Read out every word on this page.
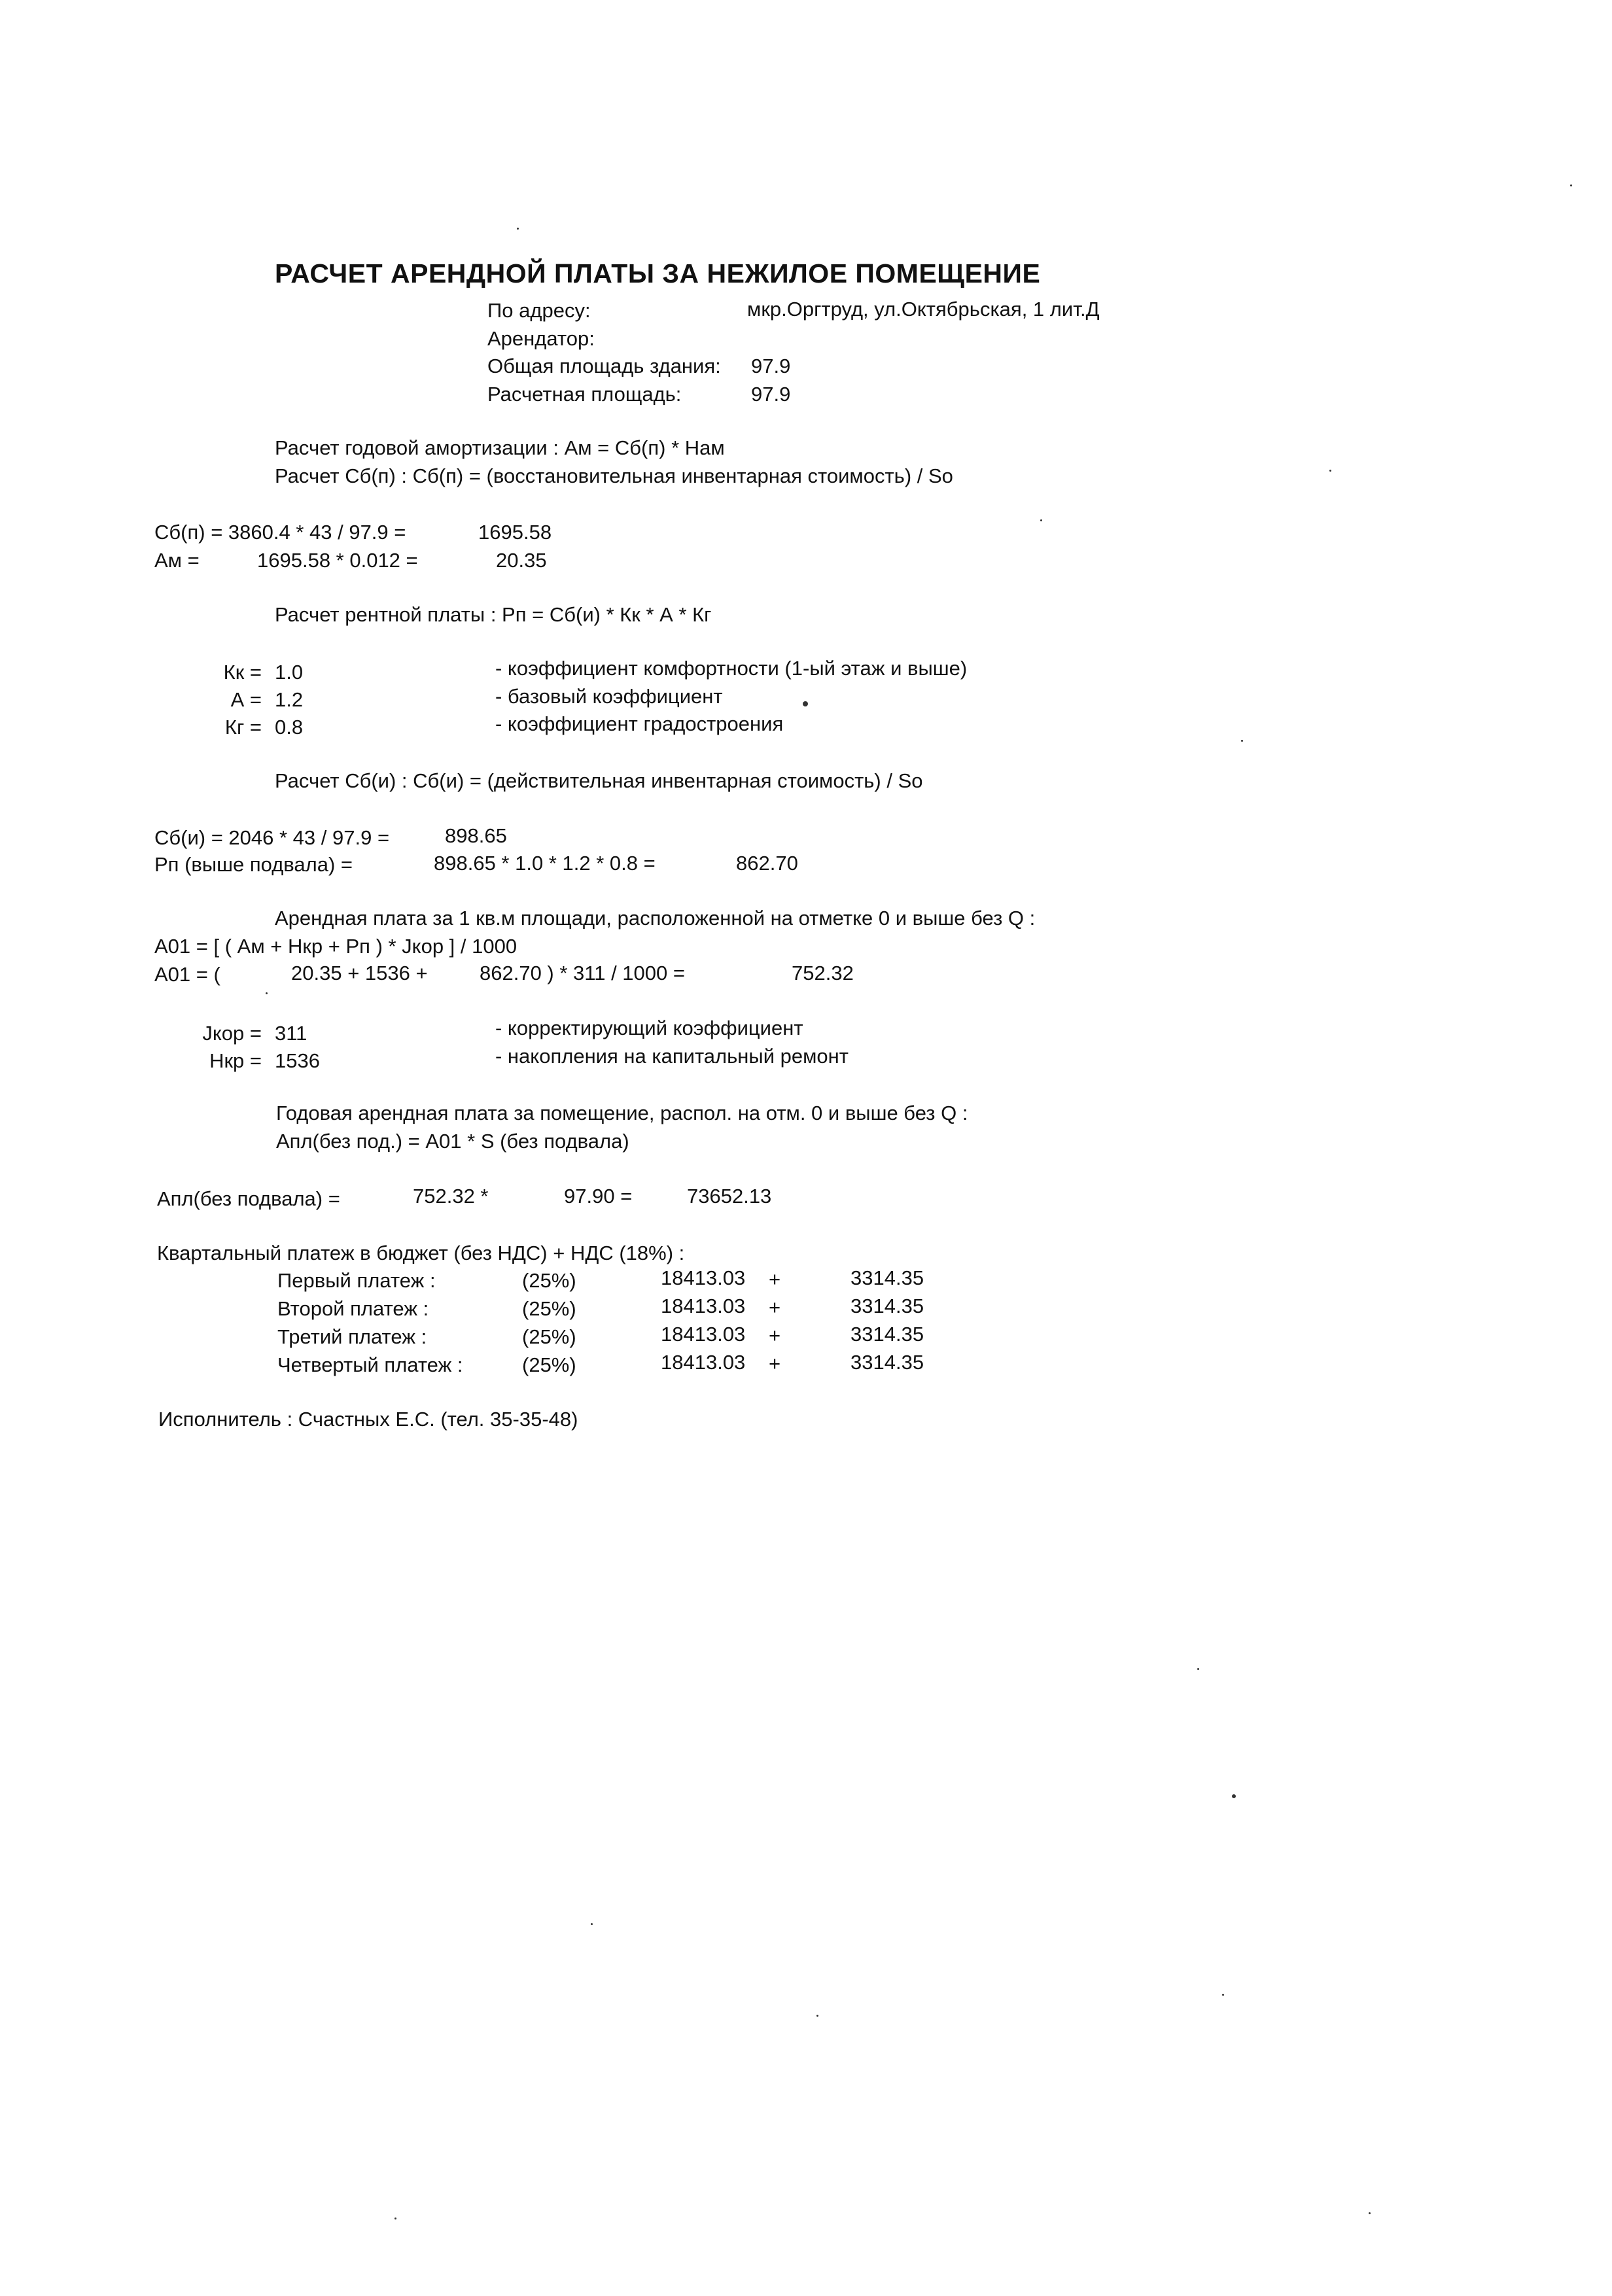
РАСЧЕТ АРЕНДНОЙ ПЛАТЫ ЗА НЕЖИЛОЕ ПОМЕЩЕНИЕ
По адресу:	мкр.Оргтруд, ул.Октябрьская, 1 лит.Д
Арендатор:
Общая площадь здания: 97.9
Расчетная площадь:	97.9
Расчет годовой амортизации : Ам = Сб(п) * Нам
Расчет Сб(п) : Сб(п) = (восстановительная инвентарная стоимость) / So
Сб(п) = 3860.4 * 43 / 97.9 =	1695.58
Ам =	1695.58 * 0.012 =	20.35
Расчет рентной платы : Рп = Сб(и) * Кк * А * Кг
Кк = 1.0	- коэффициент комфортности (1-ый этаж и выше)
А = 1.2	- базовый коэффициент
Кг = 0.8	- коэффициент градостроения
Расчет Сб(и) : Сб(и) = (действительная инвентарная стоимость) / So
Сб(и) = 2046 * 43 / 97.9 =	898.65
Рп (выше подвала) =	898.65 * 1.0 * 1.2 * 0.8 =	862.70
Арендная плата за 1 кв.м площади, расположенной на отметке 0 и выше без Q :
А01 = [ ( Ам + Нкр + Рп ) * Jкор ] / 1000
А01 = (	20.35 + 1536 +	862.70 ) * 311 / 1000 =	752.32
Jкор = 311	- корректирующий коэффициент
Нкр = 1536	- накопления на капитальный ремонт
Годовая арендная плата за помещение, распол. на отм. 0 и выше без Q :
Апл(без под.) = А01 * S (без подвала)
Апл(без подвала) =	752.32 *	97.90 =	73652.13
Квартальный платеж в бюджет (без НДС) + НДС (18%) :
Первый платеж :	(25%)	18413.03 +	3314.35
Второй платеж :	(25%)	18413.03 +	3314.35
Третий платеж :	(25%)	18413.03 +	3314.35
Четвертый платеж :	(25%)	18413.03 +	3314.35
Исполнитель : Счастных Е.С. (тел. 35-35-48)
